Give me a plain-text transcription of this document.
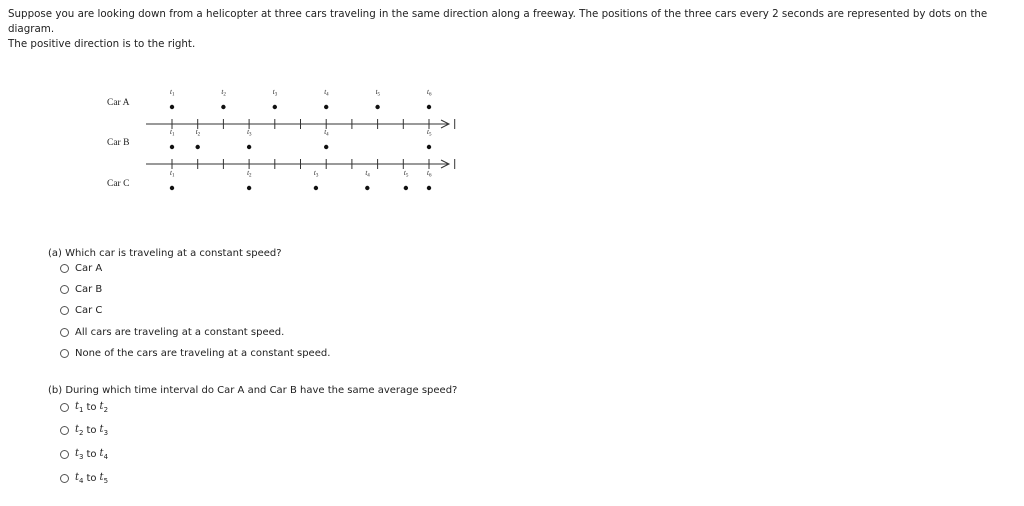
Suppose you are looking down from a helicopter at three cars traveling in the same direction along a freeway. The positions of the three cars every 2 seconds are represented by dots on the diagram.

The positive direction is to the right.

Car A
$t_1$	$t_2$	$t_3$	$t_4$	$t_5$	$t_6$
Car B
$t_1$	$t_2$	$t_3$	$t_4$	$t_5$
Car C
$t_1$	$t_2$	$t_3$	$t_4$	$t_5$	$t_6$
(a) Which car is traveling at a constant speed?
Car A
Car B
Car C
All cars are traveling at a constant speed.
None of the cars are traveling at a constant speed.
(b) During which time interval do Car A and Car B have the same average speed?
$t_1$ to $t_2$
$t_2$ to $t_3$
$t_3$ to $t_4$
$t_4$ to $t_5$
